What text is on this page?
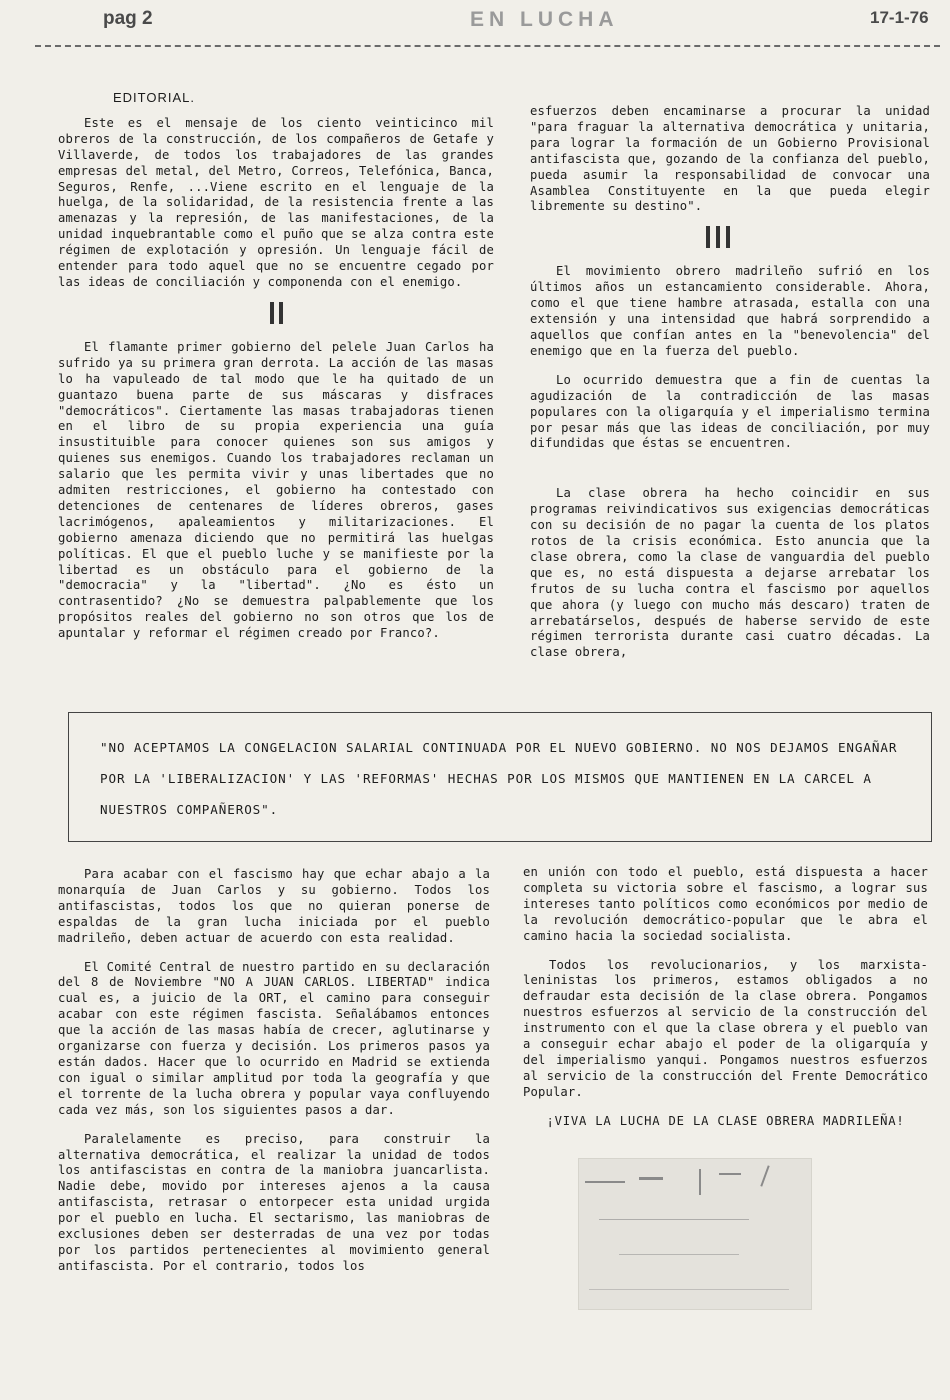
pag 2	EN LUCHA	17-1-76
EDITORIAL.

Este es el mensaje de los ciento veinticinco mil obreros de la construcción, de los compañeros de Getafe y Villaverde, de todos los trabajadores de las grandes empresas del metal, del Metro, Correos, Telefónica, Banca, Seguros, Renfe, ...Viene escrito en el lenguaje de la huelga, de la solidaridad, de la resistencia frente a las amenazas y la represión, de las manifestaciones, de la unidad inquebrantable como el puño que se alza contra este régimen de explotación y opresión. Un lenguaje fácil de entender para todo aquel que no se encuentre cegado por las ideas de conciliación y componenda con el enemigo.

El flamante primer gobierno del pelele Juan Carlos ha sufrido ya su primera gran derrota. La acción de las masas lo ha vapuleado de tal modo que le ha quitado de un guantazo buena parte de sus máscaras y disfraces "democráticos". Ciertamente las masas trabajadoras tienen en el libro de su propia experiencia una guía insustituible para conocer quienes son sus amigos y quienes sus enemigos. Cuando los trabajadores reclaman un salario que les permita vivir y unas libertades que no admiten restricciones, el gobierno ha contestado con detenciones de centenares de líderes obreros, gases lacrimógenos, apaleamientos y militarizaciones. El gobierno amenaza diciendo que no permitirá las huelgas políticas. El que el pueblo luche y se manifieste por la libertad es un obstáculo para el gobierno de la "democracia" y la "libertad". ¿No es ésto un contrasentido? ¿No se demuestra palpablemente que los propósitos reales del gobierno no son otros que los de apuntalar y reformar el régimen creado por Franco?.

esfuerzos deben encaminarse a procurar la unidad "para fraguar la alternativa democrática y unitaria, para lograr la formación de un Gobierno Provisional antifascista que, gozando de la confianza del pueblo, pueda asumir la responsabilidad de convocar una Asamblea Constituyente en la que pueda elegir libremente su destino".

El movimiento obrero madrileño sufrió en los últimos años un estancamiento considerable. Ahora, como el que tiene hambre atrasada, estalla con una extensión y una intensidad que habrá sorprendido a aquellos que confían antes en la "benevolencia" del enemigo que en la fuerza del pueblo.

Lo ocurrido demuestra que a fin de cuentas la agudización de la contradicción de las masas populares con la oligarquía y el imperialismo termina por pesar más que las ideas de conciliación, por muy difundidas que éstas se encuentren.

La clase obrera ha hecho coincidir en sus programas reivindicativos sus exigencias democráticas con su decisión de no pagar la cuenta de los platos rotos de la crisis económica. Esto anuncia que la clase obrera, como la clase de vanguardia del pueblo que es, no está dispuesta a dejarse arrebatar los frutos de su lucha contra el fascismo por aquellos que ahora (y luego con mucho más descaro) traten de arrebatárselos, después de haberse servido de este régimen terrorista durante casi cuatro décadas. La clase obrera,

"NO ACEPTAMOS LA CONGELACION SALARIAL CONTINUADA POR EL NUEVO GOBIERNO. NO NOS DEJAMOS ENGAÑAR POR LA 'LIBERALIZACION' Y LAS 'REFORMAS' HECHAS POR LOS MISMOS QUE MANTIENEN EN LA CARCEL A NUESTROS COMPAÑEROS".

Para acabar con el fascismo hay que echar abajo a la monarquía de Juan Carlos y su gobierno. Todos los antifascistas, todos los que no quieran ponerse de espaldas de la gran lucha iniciada por el pueblo madrileño, deben actuar de acuerdo con esta realidad.

El Comité Central de nuestro partido en su declaración del 8 de Noviembre "NO A JUAN CARLOS. LIBERTAD" indica cual es, a juicio de la ORT, el camino para conseguir acabar con este régimen fascista. Señalábamos entonces que la acción de las masas había de crecer, aglutinarse y organizarse con fuerza y decisión. Los primeros pasos ya están dados. Hacer que lo ocurrido en Madrid se extienda con igual o similar amplitud por toda la geografía y que el torrente de la lucha obrera y popular vaya confluyendo cada vez más, son los siguientes pasos a dar.

Paralelamente es preciso, para construir la alternativa democrática, el realizar la unidad de todos los antifascistas en contra de la maniobra juancarlista. Nadie debe, movido por intereses ajenos a la causa antifascista, retrasar o entorpecer esta unidad urgida por el pueblo en lucha. El sectarismo, las maniobras de exclusiones deben ser desterradas de una vez por todas por los partidos pertenecientes al movimiento general antifascista. Por el contrario, todos los

en unión con todo el pueblo, está dispuesta a hacer completa su victoria sobre el fascismo, a lograr sus intereses tanto políticos como económicos por medio de la revolución democrático-popular que le abra el camino hacia la sociedad socialista.

Todos los revolucionarios, y los marxista-leninistas los primeros, estamos obligados a no defraudar esta decisión de la clase obrera. Pongamos nuestros esfuerzos al servicio de la construcción del instrumento con el que la clase obrera y el pueblo van a conseguir echar abajo el poder de la oligarquía y del imperialismo yanqui. Pongamos nuestros esfuerzos al servicio de la construcción del Frente Democrático Popular.

¡VIVA LA LUCHA DE LA CLASE OBRERA MADRILEÑA!
